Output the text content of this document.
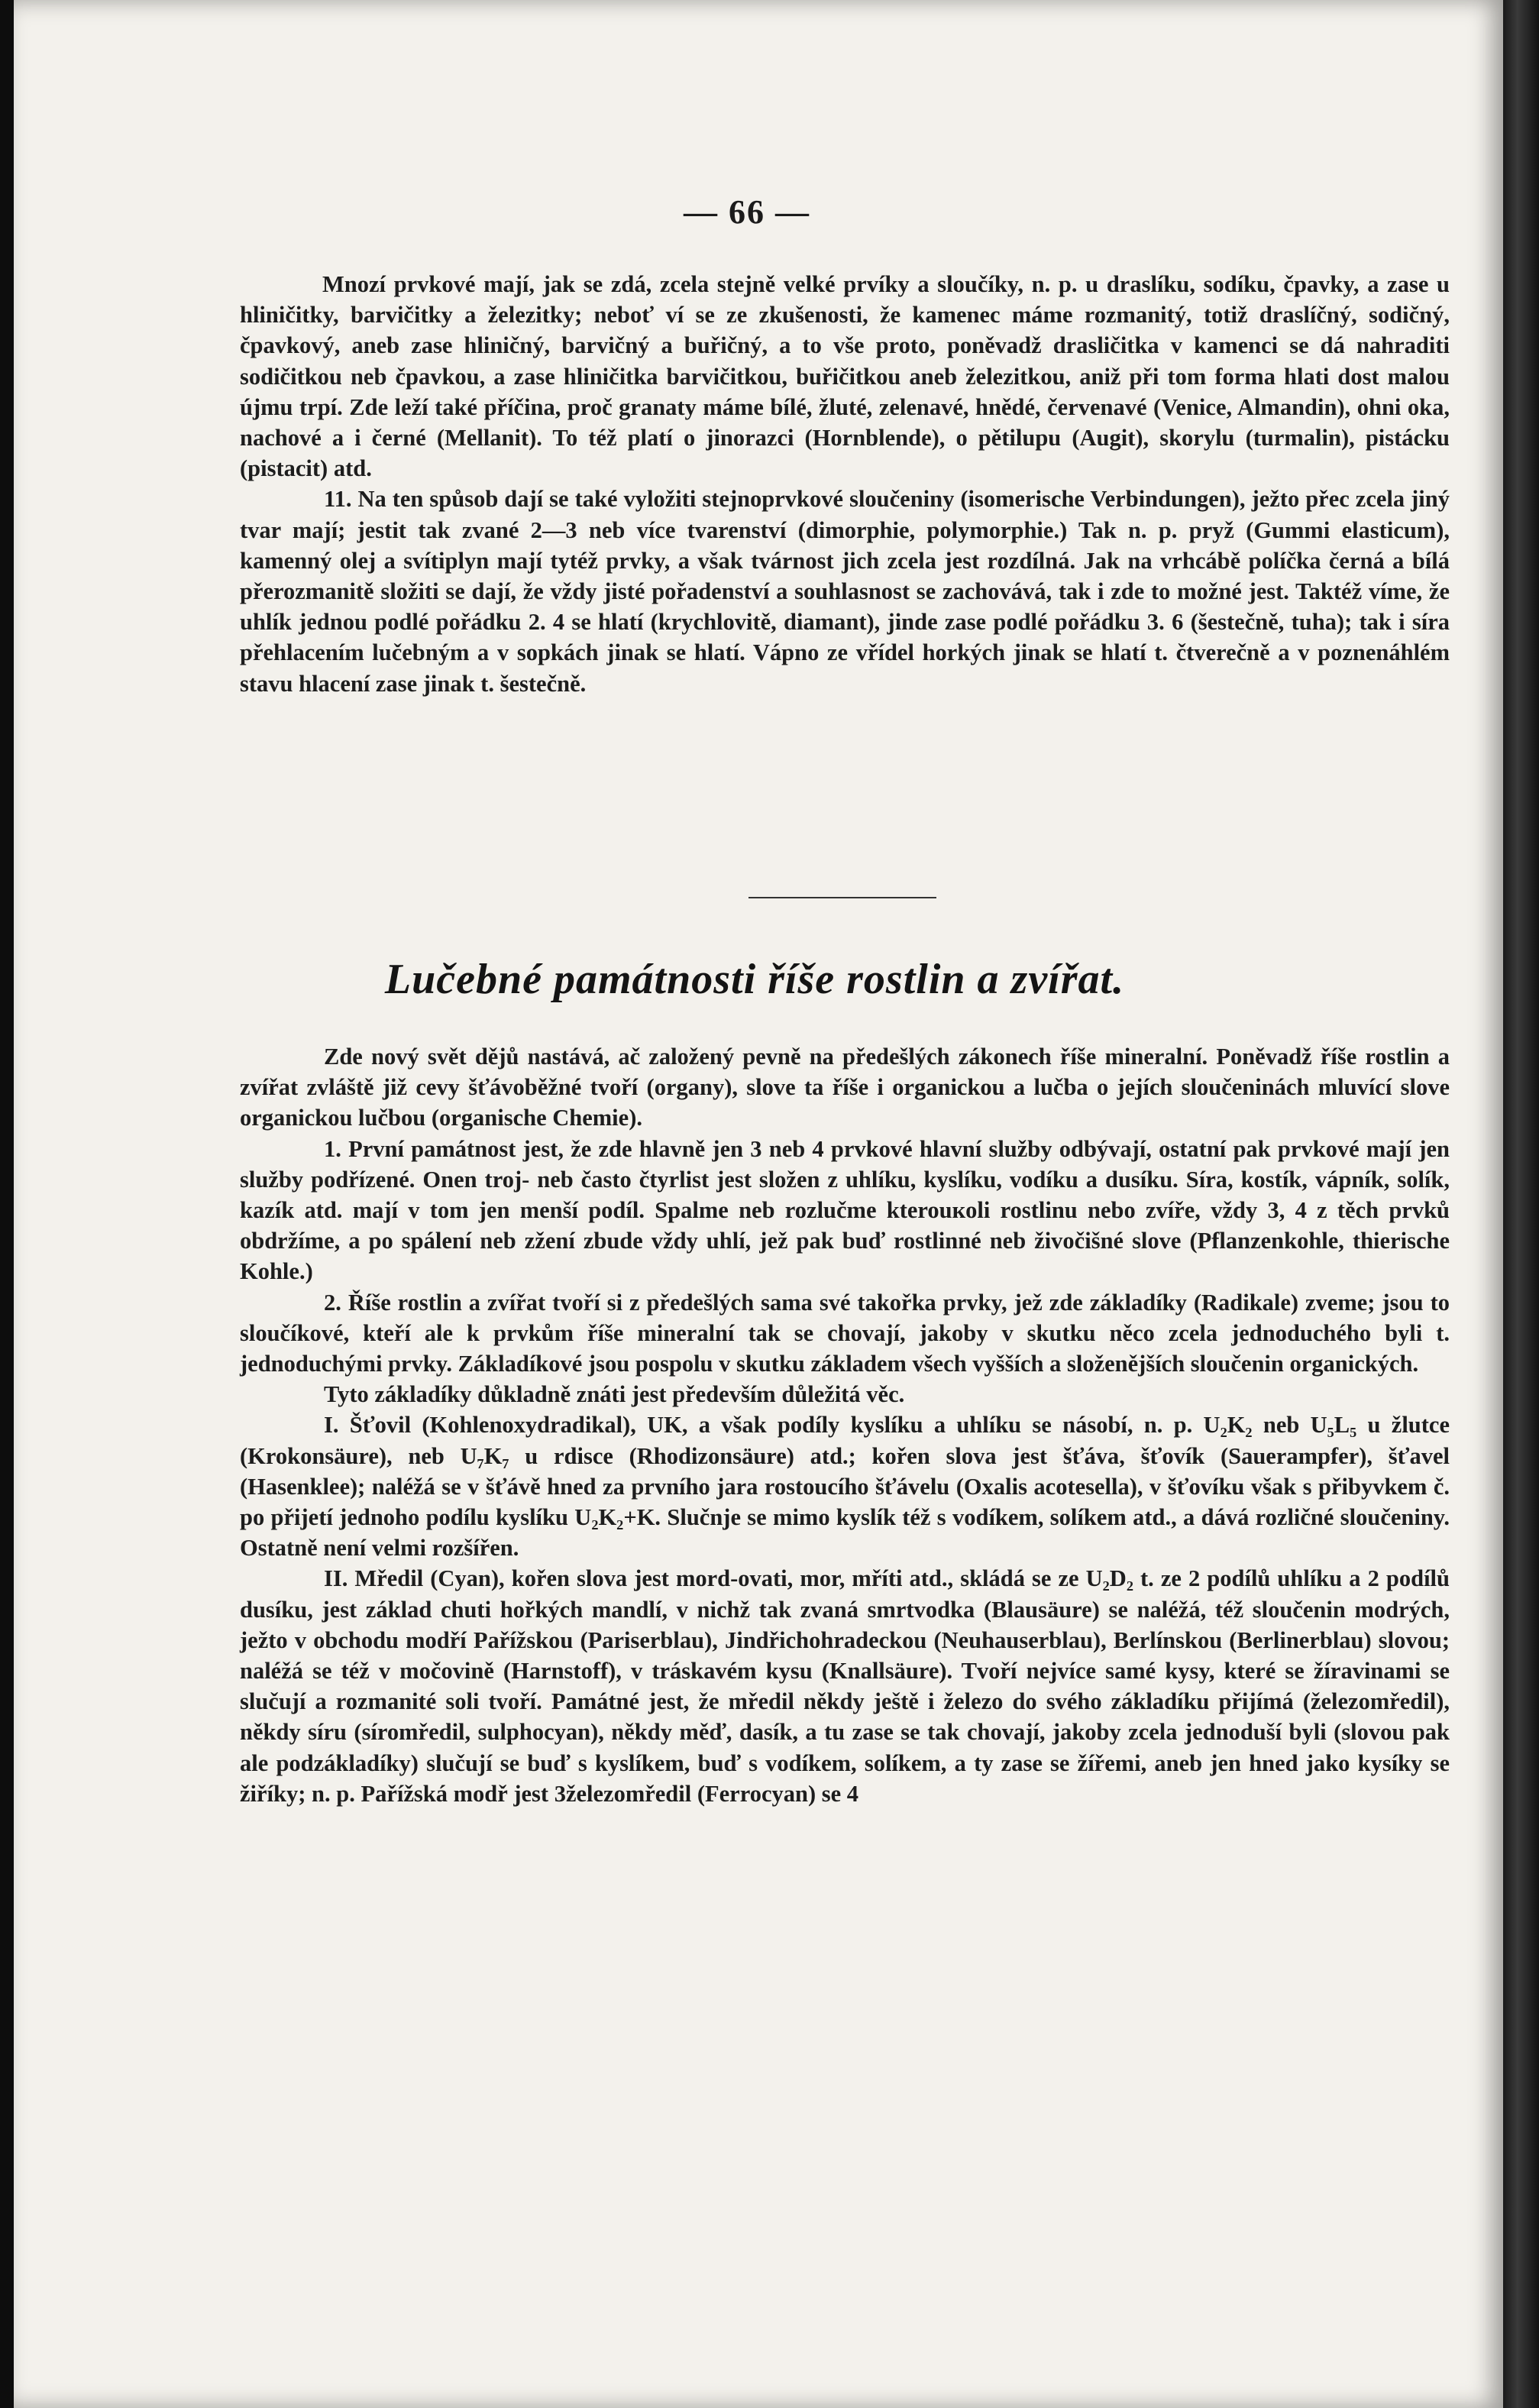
— 66 —

Mnozí prvkové mají, jak se zdá, zcela stejně velké prvíky a sloučíky, n. p. u draslíku, sodíku, čpavky, a zase u hliničitky, barvičitky a železitky; neboť ví se ze zkušenosti, že kamenec máme rozmanitý, totiž draslíčný, sodičný, čpavkový, aneb zase hliničný, barvičný a buřičný, a to vše proto, poněvadž drasličitka v kamenci se dá nahraditi sodičitkou neb čpavkou, a zase hliničitka barvičitkou, buřičitkou aneb železitkou, aniž při tom forma hlati dost malou újmu trpí. Zde leží také příčina, proč granaty máme bílé, žluté, zelenavé, hnědé, červenavé (Venice, Almandin), ohni oka, nachové a i černé (Mellanit). To též platí o jinorazci (Hornblende), o pětilupu (Augit), skorylu (turmalin), pistácku (pistacit) atd.

11. Na ten spůsob dají se také vyložiti stejnoprvkové sloučeniny (isomerische Verbindungen), ježto přec zcela jiný tvar mají; jestit tak zvané 2—3 neb více tvarenství (dimorphie, polymorphie.) Tak n. p. pryž (Gummi elasticum), kamenný olej a svítiplyn mají tytéž prvky, a však tvárnost jich zcela jest rozdílná. Jak na vrhcábě políčka černá a bílá přerozmanitě složiti se dají, že vždy jisté pořadenství a souhlasnost se zachovává, tak i zde to možné jest. Taktéž víme, že uhlík jednou podlé pořádku 2. 4 se hlatí (krychlovitě, diamant), jinde zase podlé pořádku 3. 6 (šestečně, tuha); tak i síra přehlacením lučebným a v sopkách jinak se hlatí. Vápno ze vřídel horkých jinak se hlatí t. čtverečně a v poznenáhlém stavu hlacení zase jinak t. šestečně.

Lučebné památnosti říše rostlin a zvířat.

Zde nový svět dějů nastává, ač založený pevně na předešlých zákonech říše mineralní. Poněvadž říše rostlin a zvířat zvláště již cevy šťávoběžné tvoří (organy), slove ta říše i organickou a lučba o jejích sloučeninách mluvící slove organickou lučbou (organische Chemie).

1. První památnost jest, že zde hlavně jen 3 neb 4 prvkové hlavní služby odbývají, ostatní pak prvkové mají jen služby podřízené. Onen troj- neb často čtyrlist jest složen z uhlíku, kyslíku, vodíku a dusíku. Síra, kostík, vápník, solík, kazík atd. mají v tom jen menší podíl. Spalme neb rozlučme kterouкoli rostlinu nebo zvíře, vždy 3, 4 z těch prvků obdržíme, a po spálení neb zžení zbude vždy uhlí, jež pak buď rostlinné neb živočišné slove (Pflanzenkohle, thierische Kohle.)

2. Říše rostlin a zvířat tvoří si z předešlých sama své takořka prvky, jež zde základíky (Radikale) zveme; jsou to sloučíkové, kteří ale k prvkům říše mineralní tak se chovají, jakoby v skutku něco zcela jednoduchého byli t. jednoduchými prvky. Základíkové jsou pospolu v skutku základem všech vyšších a složenějších sloučenin organických.

Tyto základíky důkladně znáti jest především důležitá věc.

I. Šťovil (Kohlenoxydradikal), UK, a však podíly kyslíku a uhlíku se násobí, n. p. U₂K₂ neb U₅L₅ u žlutce (Krokonsäure), neb U₇K₇ u rdisce (Rhodizonsäure) atd.; kořen slova jest šťáva, šťovík (Sauerampfer), šťavel (Hasenklee); naléžá se v šťávě hned za prvního jara rostoucího šťávelu (Oxalis acotesella), v šťovíku však s přibyvkem č. po přijetí jednoho podílu kyslíku U₂K₂+K. Slučnje se mimo kyslík též s vodíkem, solíkem atd., a dává rozličné sloučeniny. Ostatně není velmi rozšířen.

II. Mředil (Cyan), kořen slova jest mord-ovati, mor, mříti atd., skládá se ze U₂D₂ t. ze 2 podílů uhlíku a 2 podílů dusíku, jest základ chuti hořkých mandlí, v nichž tak zvaná smrtvodka (Blausäure) se naléžá, též sloučenin modrých, ježto v obchodu modří Pařížskou (Pariserblau), Jindřichohradeckou (Neuhauserblau), Berlínskou (Berlinerblau) slovou; naléžá se též v močovině (Harnstoff), v tráskavém kysu (Knallsäure). Tvoří nejvíce samé kysy, které se žíravinami se slučují a rozmanité soli tvoří. Památné jest, že mředil někdy ještě i železo do svého základíku přijímá (železomředil), někdy síru (síromředil, sulphocyan), někdy měď, dasík, a tu zase se tak chovají, jakoby zcela jednoduší byli (slovou pak ale podzákladíky) slučují se buď s kyslíkem, buď s vodíkem, solíkem, a ty zase se žířemi, aneb jen hned jako kysíky se žiříky; n. p. Pařížská modř jest 3železomředil (Ferrocyan) se 4
